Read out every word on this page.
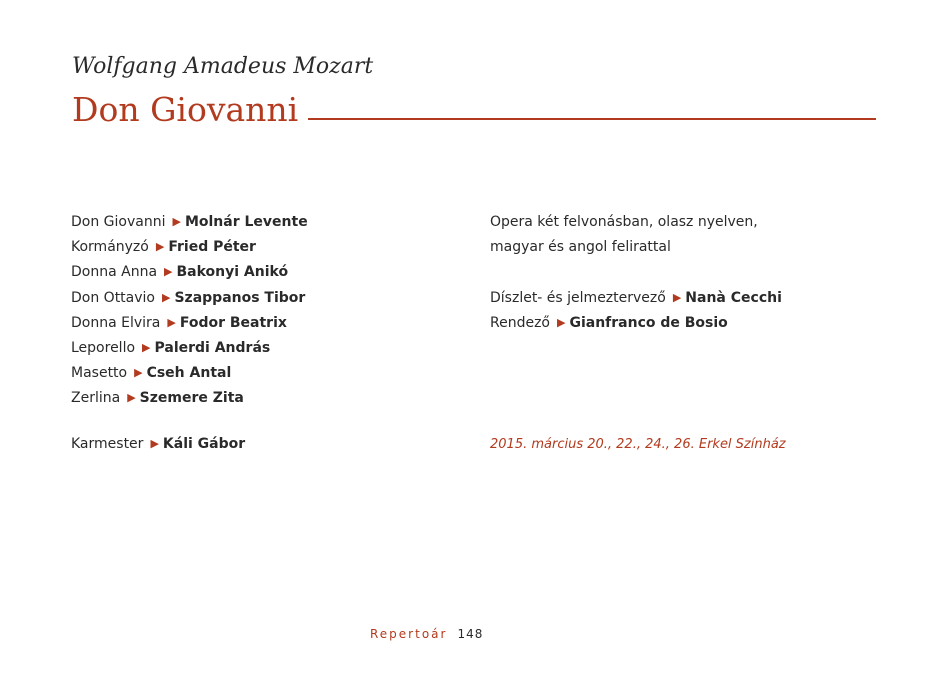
Wolfgang Amadeus Mozart
Don Giovanni
Don Giovanni ▶ Molnár Levente
Kormányzó ▶ Fried Péter
Donna Anna ▶ Bakonyi Anikó
Don Ottavio ▶ Szappanos Tibor
Donna Elvira ▶ Fodor Beatrix
Leporello ▶ Palerdi András
Masetto ▶ Cseh Antal
Zerlina ▶ Szemere Zita
Karmester ▶ Káli Gábor
Opera két felvonásban, olasz nyelven,
magyar és angol felirattal
Díszlet- és jelmeztervező ▶ Nanà Cecchi
Rendező ▶ Gianfranco de Bosio
2015. március 20., 22., 24., 26. Erkel Színház
Repertoár 148
